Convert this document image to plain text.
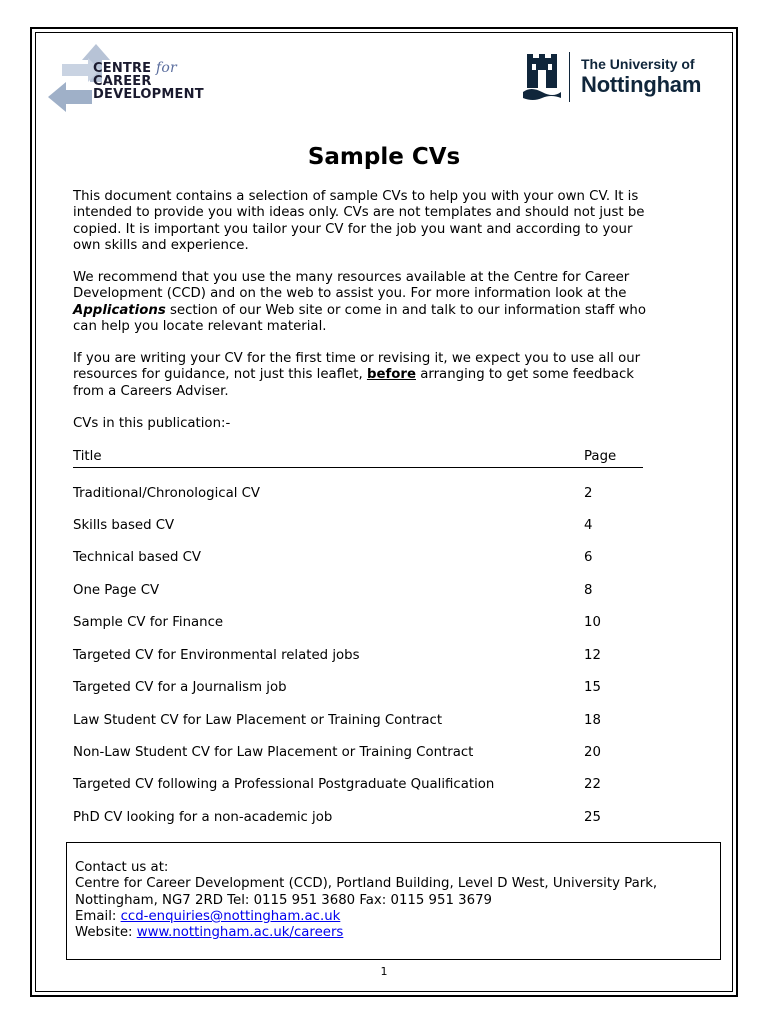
CENTRE for
CAREER
DEVELOPMENT
The University of
Nottingham
Sample CVs

This document contains a selection of sample CVs to help you with your own CV. It is intended to provide you with ideas only. CVs are not templates and should not just be copied. It is important you tailor your CV for the job you want and according to your own skills and experience.

We recommend that you use the many resources available at the Centre for Career Development (CCD) and on the web to assist you. For more information look at the Applications section of our Web site or come in and talk to our information staff who can help you locate relevant material.

If you are writing your CV for the first time or revising it, we expect you to use all our resources for guidance, not just this leaflet, before arranging to get some feedback from a Careers Adviser.

CVs in this publication:-

Title	Page
Traditional/Chronological CV	2
Skills based CV	4
Technical based CV	6
One Page CV	8
Sample CV for Finance	10
Targeted CV for Environmental related jobs	12
Targeted CV for a Journalism job	15
Law Student CV for Law Placement or Training Contract	18
Non-Law Student CV for Law Placement or Training Contract	20
Targeted CV following a Professional Postgraduate Qualification	22
PhD CV looking for a non-academic job	25
Contact us at:
Centre for Career Development (CCD), Portland Building, Level D West, University Park, Nottingham, NG7 2RD Tel: 0115 951 3680 Fax: 0115 951 3679
Email: ccd-enquiries@nottingham.ac.uk
Website: www.nottingham.ac.uk/careers
1
